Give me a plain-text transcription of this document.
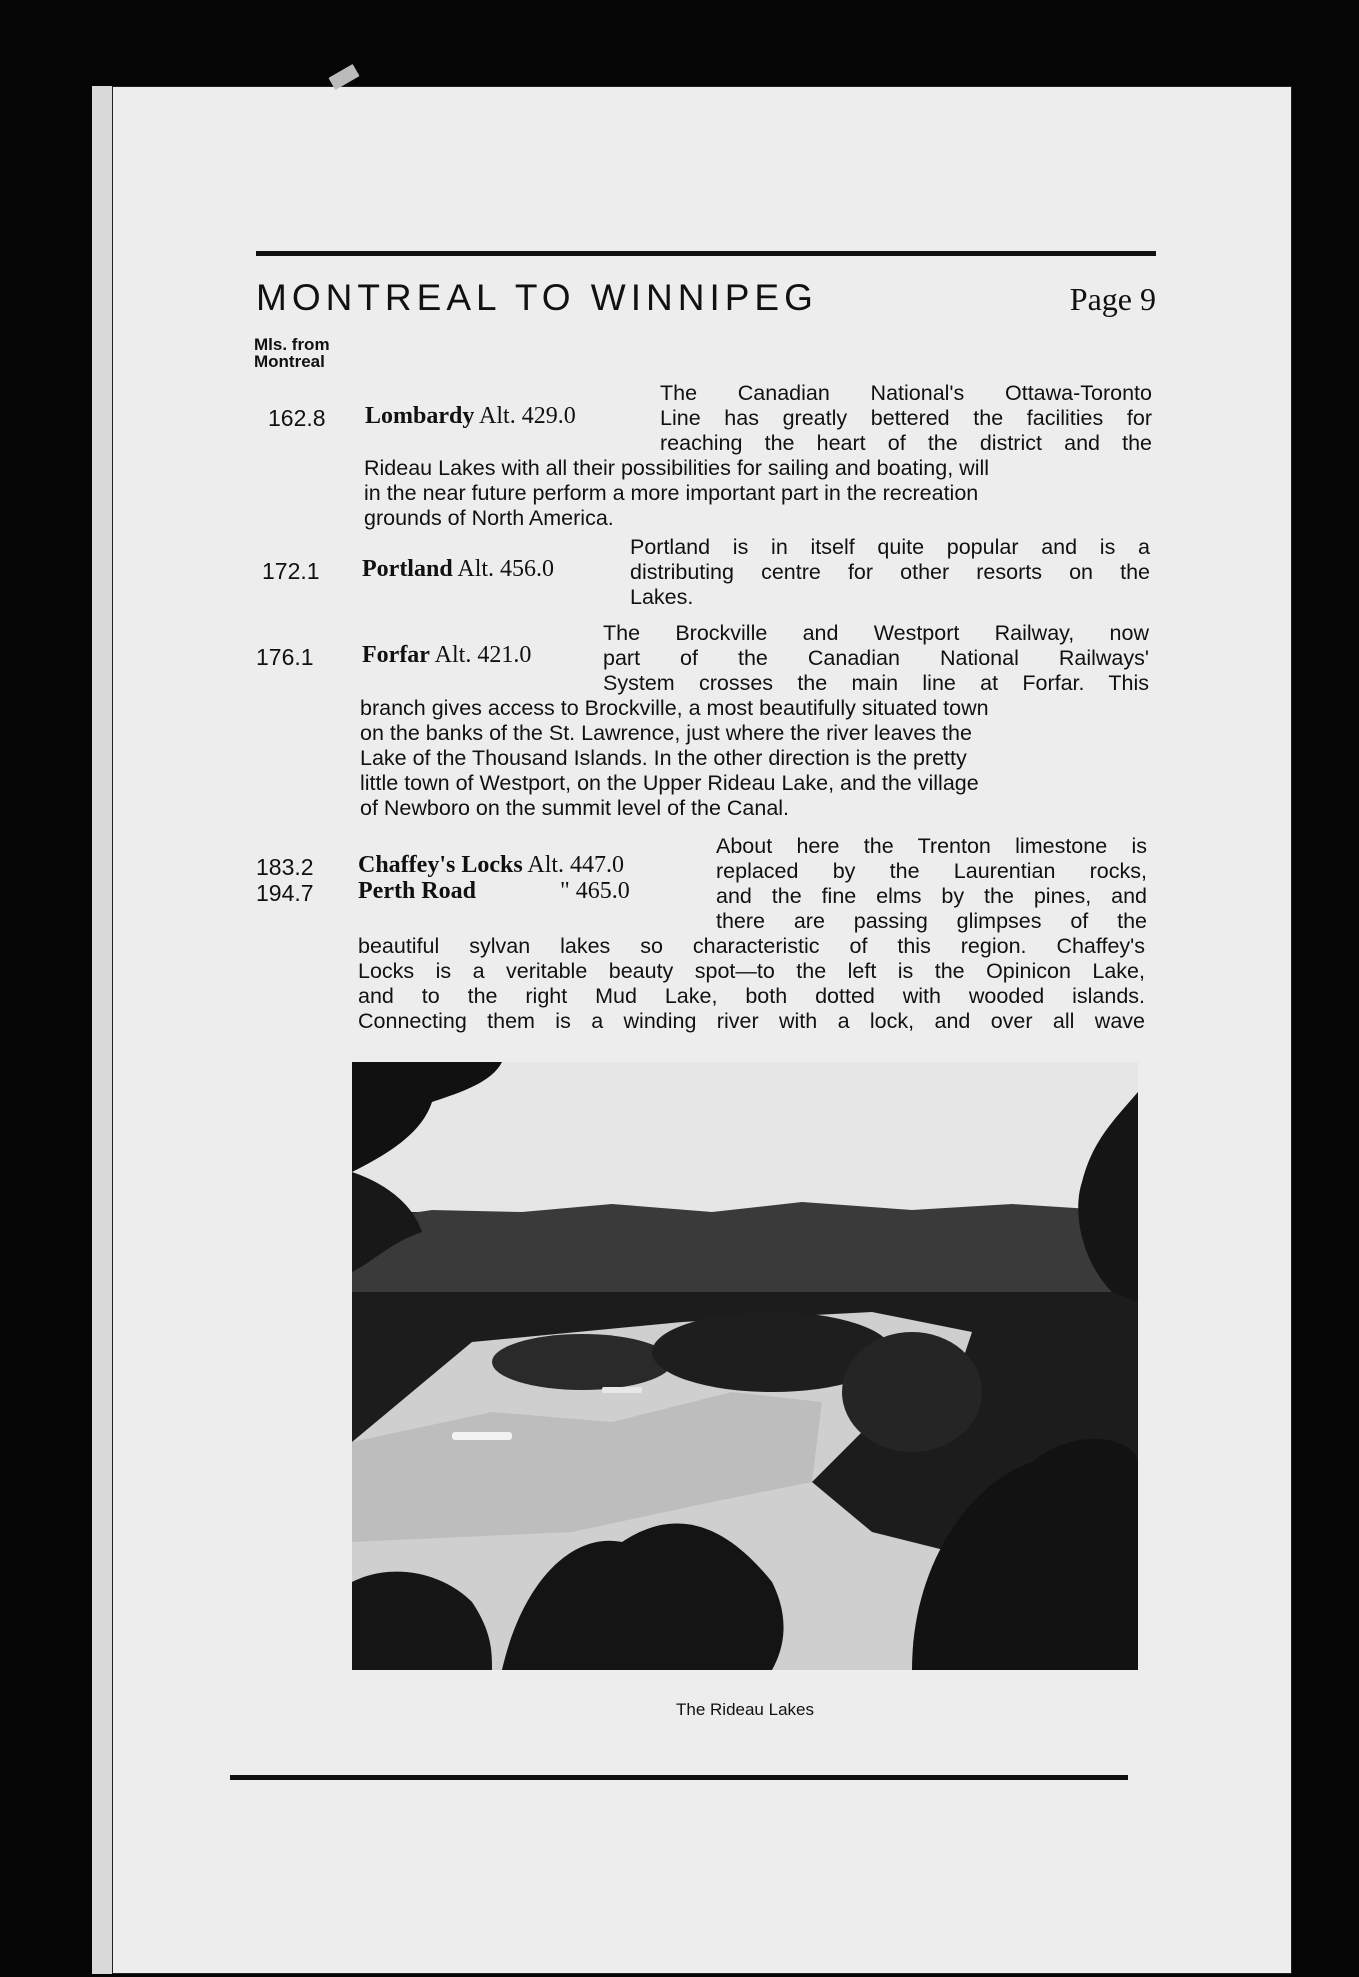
MONTREAL TO WINNIPEG	Page 9
Mls. from
Montreal
162.8 Lombardy Alt. 429.0
The Canadian National's Ottawa-Toronto
Line has greatly bettered the facilities for
reaching the heart of the district and the
Rideau Lakes with all their possibilities for sailing and boating, will
in the near future perform a more important part in the recreation
grounds of North America.
172.1 Portland Alt. 456.0
Portland is in itself quite popular and is a
distributing centre for other resorts on the
Lakes.
176.1 Forfar Alt. 421.0
The Brockville and Westport Railway, now
part of the Canadian National Railways'
System crosses the main line at Forfar. This
branch gives access to Brockville, a most beautifully situated town
on the banks of the St. Lawrence, just where the river leaves the
Lake of the Thousand Islands. In the other direction is the pretty
little town of Westport, on the Upper Rideau Lake, and the village
of Newboro on the summit level of the Canal.
183.2 Chaffey's Locks Alt. 447.0
194.7 Perth Road	" 465.0
About here the Trenton limestone is
replaced by the Laurentian rocks,
and the fine elms by the pines, and
there are passing glimpses of the
beautiful sylvan lakes so characteristic of this region. Chaffey's
Locks is a veritable beauty spot—to the left is the Opinicon Lake,
and to the right Mud Lake, both dotted with wooded islands.
Connecting them is a winding river with a lock, and over all wave
The Rideau Lakes
